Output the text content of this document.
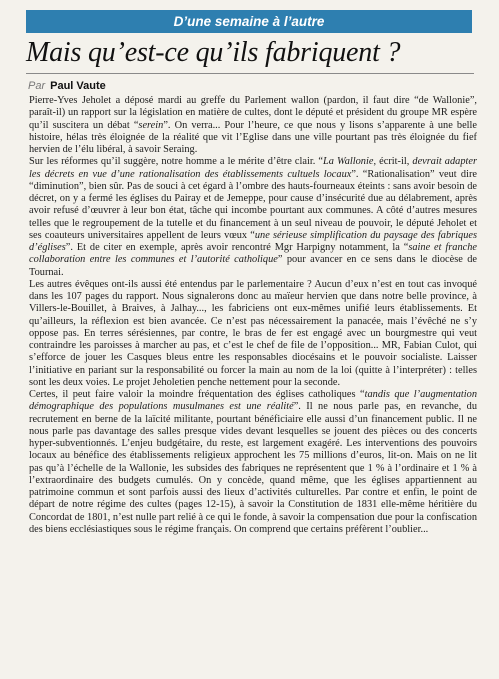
D’une semaine à l’autre
Mais qu’est-ce qu’ils fabriquent ?
Par Paul Vaute

Pierre-Yves Jeholet a déposé mardi au greffe du Parlement wallon (pardon, il faut dire “de Wallonie”, paraît-il) un rapport sur la législation en matière de cultes, dont le député et président du groupe MR espère qu’il suscitera un débat “serein”. On verra... Pour l’heure, ce que nous y lisons s’apparente à une belle histoire, hélas très éloignée de la réalité que vit l’Eglise dans une ville pourtant pas très éloignée du fief hervien de l’élu libéral, à savoir Seraing.

Sur les réformes qu’il suggère, notre homme a le mérite d’être clair. “La Wallonie, écrit-il, devrait adapter les décrets en vue d’une rationalisation des établissements cultuels locaux”. “Rationalisation” veut dire “diminution”, bien sûr. Pas de souci à cet égard à l’ombre des hauts-fourneaux éteints : sans avoir besoin de décret, on y a fermé les églises du Pairay et de Jemeppe, pour cause d’insécurité due au délabrement, après avoir refusé d’œuvrer à leur bon état, tâche qui incombe pourtant aux communes. A côté d’autres mesures telles que le regroupement de la tutelle et du financement à un seul niveau de pouvoir, le député Jeholet et ses coauteurs universitaires appellent de leurs vœux “une sérieuse simplification du paysage des fabriques d’églises”. Et de citer en exemple, après avoir rencontré Mgr Harpigny notamment, la “saine et franche collaboration entre les communes et l’autorité catholique” pour avancer en ce sens dans le diocèse de Tournai.

Les autres évêques ont-ils aussi été entendus par le parlementaire ? Aucun d’eux n’est en tout cas invoqué dans les 107 pages du rapport. Nous signalerons donc au maïeur hervien que dans notre belle province, à Villers-le-Bouillet, à Braives, à Jalhay..., les fabriciens ont eux-mêmes unifié leurs établissements. Et qu’ailleurs, la réflexion est bien avancée. Ce n’est pas nécessairement la panacée, mais l’évêché ne s’y oppose pas. En terres sérésiennes, par contre, le bras de fer est engagé avec un bourgmestre qui veut contraindre les paroisses à marcher au pas, et c’est le chef de file de l’opposition... MR, Fabian Culot, qui s’efforce de jouer les Casques bleus entre les responsables diocésains et le pouvoir socialiste. Laisser l’initiative en pariant sur la responsabilité ou forcer la main au nom de la loi (quitte à l’interpréter) : telles sont les deux voies. Le projet Jeholetien penche nettement pour la seconde.

Certes, il peut faire valoir la moindre fréquentation des églises catholiques “tandis que l’augmentation démographique des populations musulmanes est une réalité”. Il ne nous parle pas, en revanche, du recrutement en berne de la laïcité militante, pourtant bénéficiaire elle aussi d’un financement public. Il ne nous parle pas davantage des salles presque vides devant lesquelles se jouent des pièces ou des concerts hyper-subventionnés. L’enjeu budgétaire, du reste, est largement exagéré. Les interventions des pouvoirs locaux au bénéfice des établissements religieux approchent les 75 millions d’euros, lit-on. Mais on ne lit pas qu’à l’échelle de la Wallonie, les subsides des fabriques ne représentent que 1 % à l’ordinaire et 1 % à l’extraordinaire des budgets cumulés. On y concède, quand même, que les églises appartiennent au patrimoine commun et sont parfois aussi des lieux d’activités culturelles. Par contre et enfin, le point de départ de notre régime des cultes (pages 12-15), à savoir la Constitution de 1831 elle-même héritière du Concordat de 1801, n’est nulle part relié à ce qui le fonde, à savoir la compensation due pour la confiscation des biens ecclésiastiques sous le régime français. On comprend que certains préfèrent l’oublier...
